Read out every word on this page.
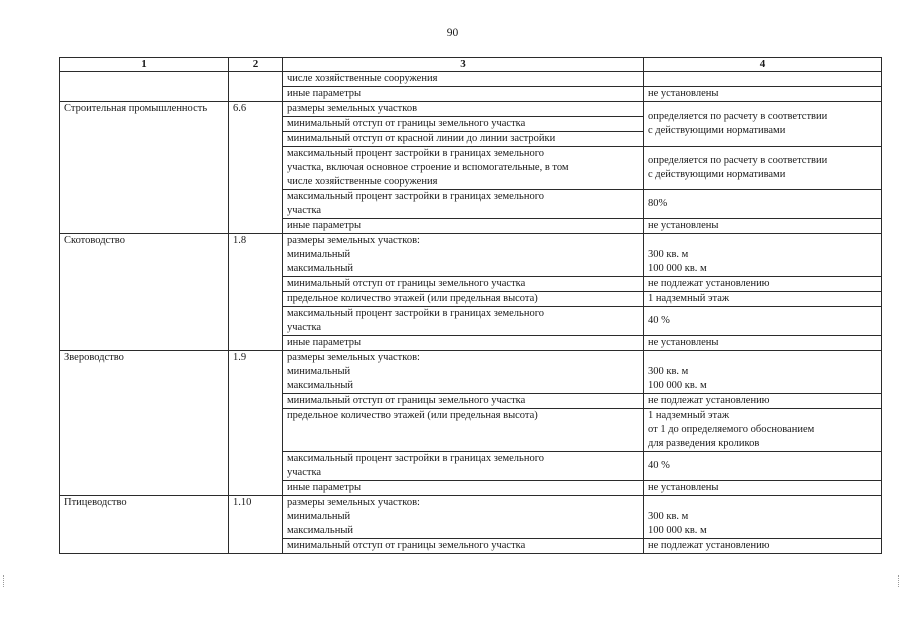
90
1	2	3	4

		числе хозяйственные сооружения	

		иные параметры	не установлены

Строительная промышленность	6.6	размеры земельных участков	определяется по расчету в соответствии
с действующими нормативами

		минимальный отступ от границы земельного участка	

		минимальный отступ от красной линии до линии застройки	

		максимальный процент застройки в границах земельного
участка, включая основное строение и вспомогательные, в том
числе хозяйственные сооружения	определяется по расчету в соответствии
с действующими нормативами

		максимальный процент застройки в границах земельного
участка	80%

		иные параметры	не установлены

Скотоводство	1.8	размеры земельных участков:
минимальный
максимальный	300 кв. м
100 000 кв. м

		минимальный отступ от границы земельного участка	не подлежат установлению

		предельное количество этажей (или предельная высота)	1 надземный этаж

		максимальный процент застройки в границах земельного
участка	40 %

		иные параметры	не установлены

Звероводство	1.9	размеры земельных участков:
минимальный
максимальный	300 кв. м
100 000 кв. м

		минимальный отступ от границы земельного участка	не подлежат установлению

		предельное количество этажей (или предельная высота)	1 надземный этаж
от 1 до определяемого обоснованием
для разведения кроликов

		максимальный процент застройки в границах земельного
участка	40 %

		иные параметры	не установлены

Птицеводство	1.10	размеры земельных участков:
минимальный
максимальный	300 кв. м
100 000 кв. м

		минимальный отступ от границы земельного участка	не подлежат установлению
